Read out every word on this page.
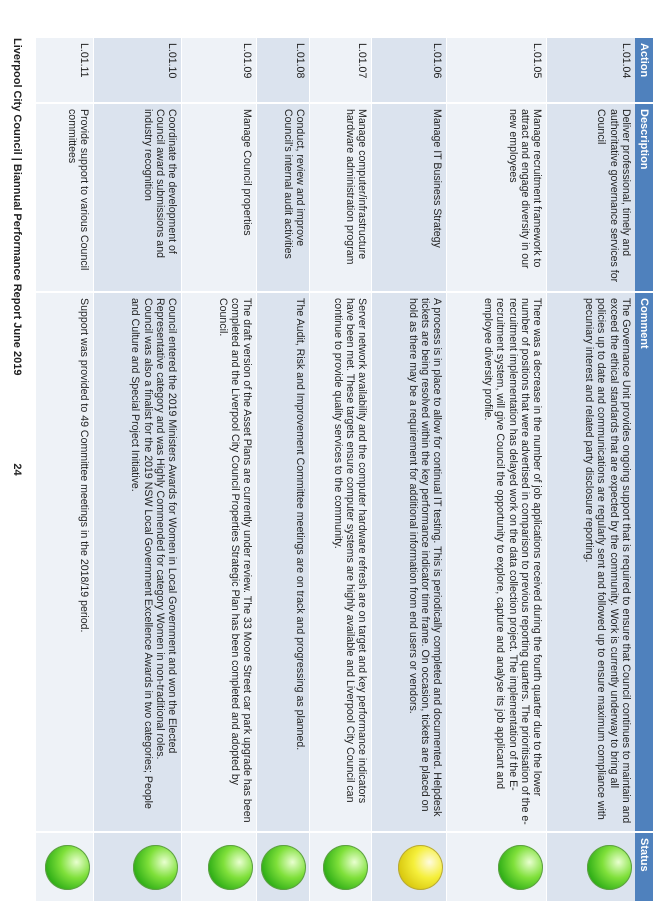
Action	Description	Comment	Status
L.01.04	Deliver professional, timely and authoritative governance services for Council	The Governance Unit provides ongoing support that is required to ensure that Council continues to maintain and exceed the ethical standards that are expected by the community. Work is currently underway to bring all policies up to date and communications are regularly sent and followed up to ensure maximum compliance with pecuniary interest and related party disclosure reporting.	

L.01.05	Manage recruitment framework to attract and engage diversity in our new employees	There was a decrease in the number of job applications received during the fourth quarter due to the lower number of positions that were advertised in comparison to previous reporting quarters. The prioritisation of the e-recruitment implementation has delayed work on the data collection project. The implementation of the E-recruitment system, will give Council the opportunity to explore, capture and analyse its job applicant and employee diversity profile.	

L.01.06	Manage IT Business Strategy	A process is in place to allow for continual IT testing. This is periodically completed and documented. Helpdesk tickets are being resolved within the key performance indicator time frame. On occasion, tickets are placed on hold as there may be a requirement for additional information from end users or vendors.	

L.01.07	Manage computer/infrastructure hardware administration program	Server network availability and the computer hardware refresh are on target and key performance indicators have been met. These targets ensure computer systems are highly available and Liverpool City Council can continue to provide quality services to the community.	

L.01.08	Conduct, review and improve Council's internal audit activities	The Audit, Risk and Improvement Committee meetings are on track and progressing as planned.	

L.01.09	Manage Council properties	The draft version of the Asset Plans are currently under review. The 33 Moore Street car park upgrade has been completed and the Liverpool City Council Properties Strategic Plan has been completed and adopted by Council.	

L.01.10	Coordinate the development of Council award submissions and industry recognition	Council entered the 2019 Ministers Awards for Women in Local Government and won the Elected Representative category and was Highly Commended for category Women in non-traditional roles.
Council was also a finalist for the 2019 NSW Local Government Excellence Awards in two categories; People and Culture and Special Project Initiative.	

L.01.11	Provide support to various Council committees	Support was provided to 49 Committee meetings in the 2018/19 period.	
Liverpool City Council | Biannual Performance Report June 2019
24
